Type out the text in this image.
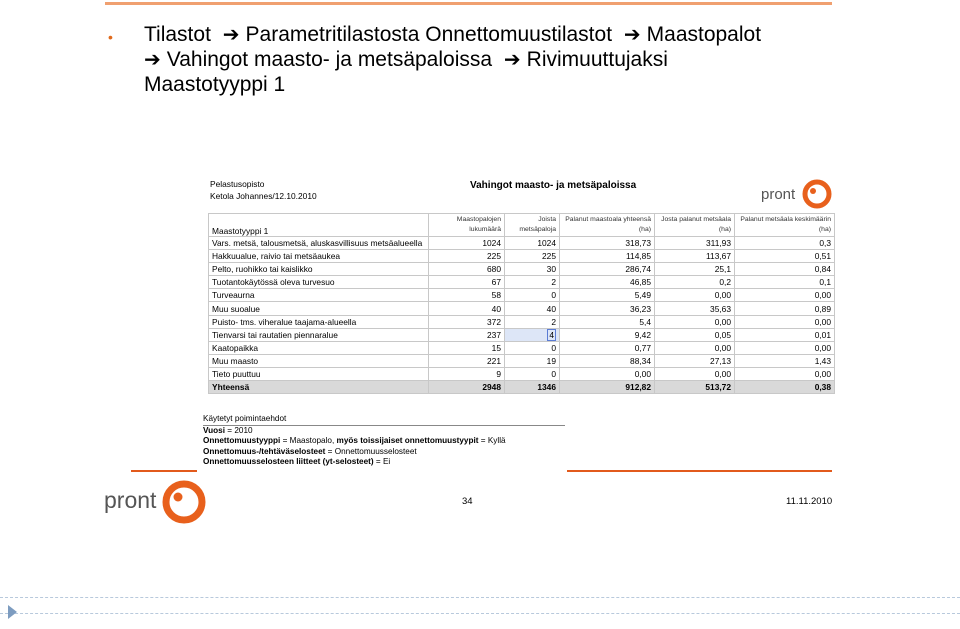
• Tilastot ➔ Parametritilastosta Onnettomuustilastot ➔ Maastopalot
➔ Vahingot maasto- ja metsäpaloissa ➔ Rivimuuttujaksi
Maastotyyppi 1
Pelastusopisto
Ketola Johannes/12.10.2010
Vahingot maasto- ja metsäpaloissa
pront
Maastotyyppi 1	Maastopalojen lukumäärä	Joista metsäpaloja	Palanut maastoala yhteensä (ha)	Josta palanut metsäala (ha)	Palanut metsäala keskimäärin (ha)
Vars. metsä, talousmetsä, aluskasvillisuus metsäalueella	1024	1024	318,73	311,93	0,3
Hakkuualue, raivio tai metsäaukea	225	225	114,85	113,67	0,51
Pelto, ruohikko tai kaislikko	680	30	286,74	25,1	0,84
Tuotantokäytössä oleva turvesuo	67	2	46,85	0,2	0,1
Turveaurna	58	0	5,49	0,00	0,00
Muu suoalue	40	40	36,23	35,63	0,89
Puisto- tms. viheralue taajama-alueella	372	2	5,4	0,00	0,00
Tienvarsi tai rautatien piennaralue	237	4	9,42	0,05	0,01
Kaatopaikka	15	0	0,77	0,00	0,00
Muu maasto	221	19	88,34	27,13	1,43
Tieto puuttuu	9	0	0,00	0,00	0,00
Yhteensä	2948	1346	912,82	513,72	0,38
Käytetyt poimintaehdot
Vuosi = 2010
Onnettomuustyyppi = Maastopalo, myös toissijaiset onnettomuustyypit = Kyllä
Onnettomuus-/tehtäväselosteet = Onnettomuusselosteet
Onnettomuusselosteen liitteet (yt-selosteet) = Ei
pront	34	11.11.2010
